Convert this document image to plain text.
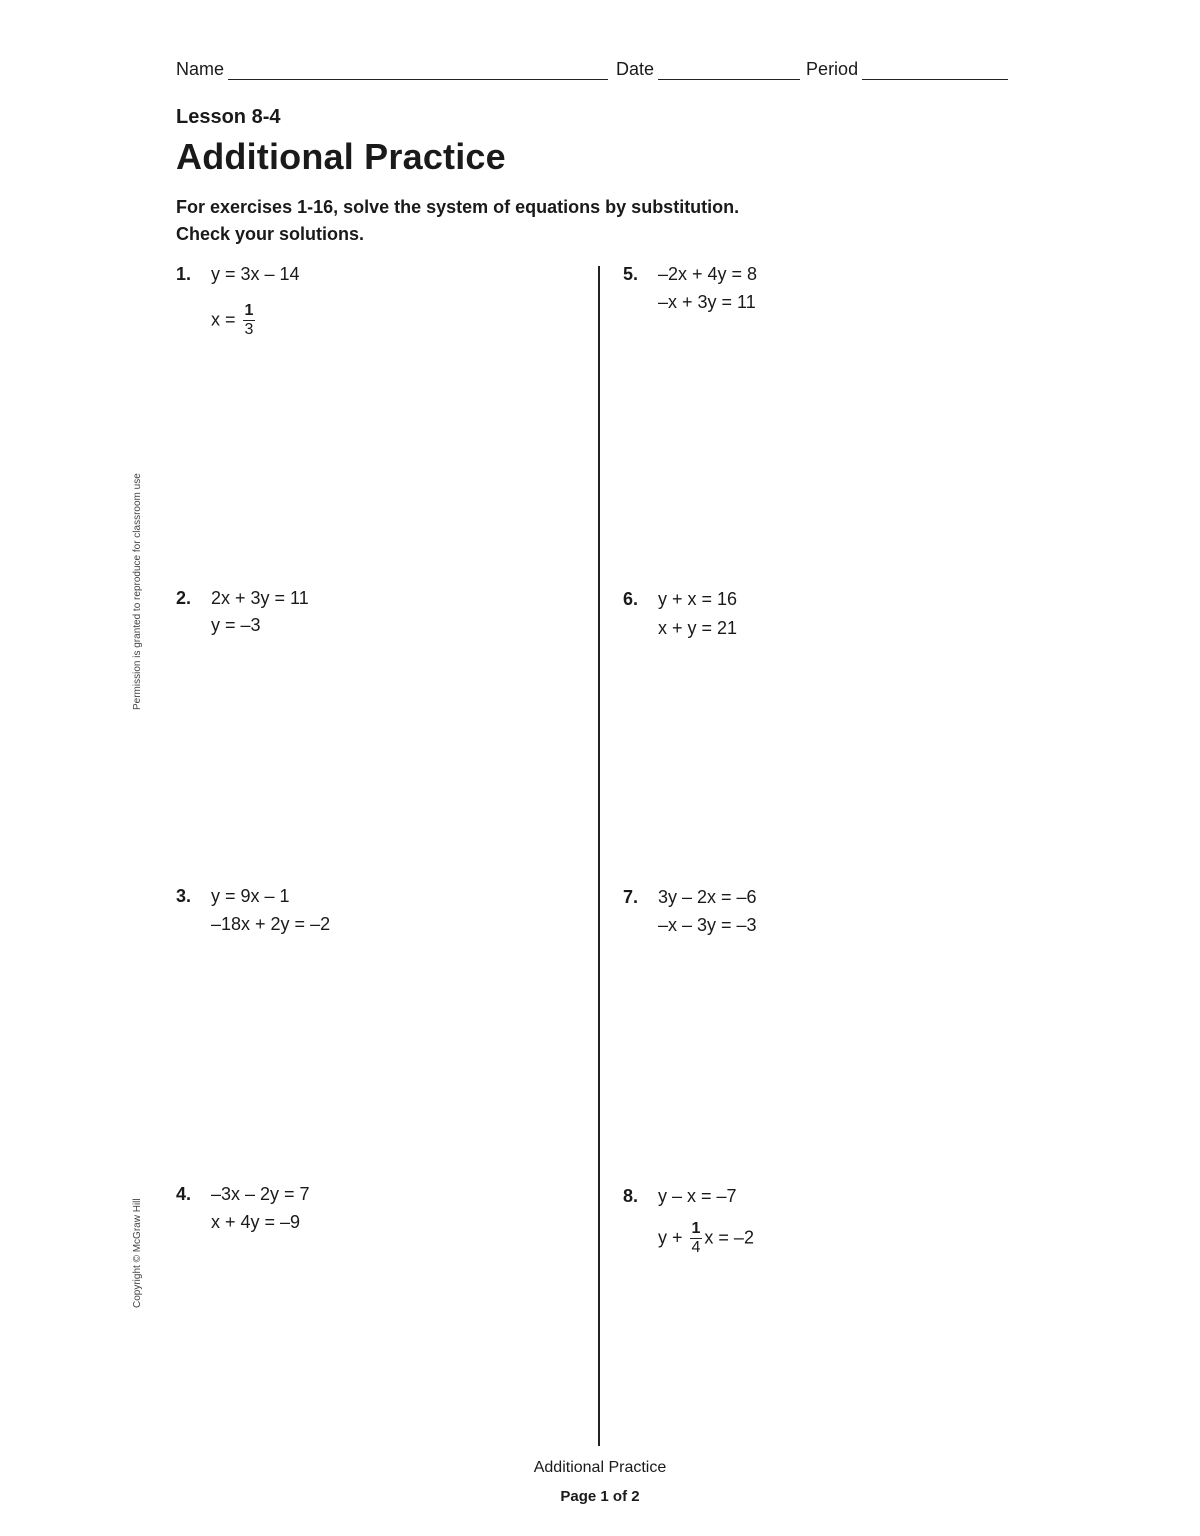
Name	Date	Period
Lesson 8-4
Additional Practice
For exercises 1-16, solve the system of equations by substitution.
Check your solutions.
Permission is granted to reproduce for classroom use
Copyright © McGraw Hill
1. y = 3x – 14
$x = \frac{1}{3}$
2. 2x + 3y = 11
y = –3
3. y = 9x – 1
–18x + 2y = –2
4. –3x – 2y = 7
x + 4y = –9
5. –2x + 4y = 8
–x + 3y = 11
6. y + x = 16
x + y = 21
7. 3y – 2x = –6
–x – 3y = –3
8. y – x = –7
$y + \frac{1}{4}$ x = –2
Additional Practice
Page 1 of 2
